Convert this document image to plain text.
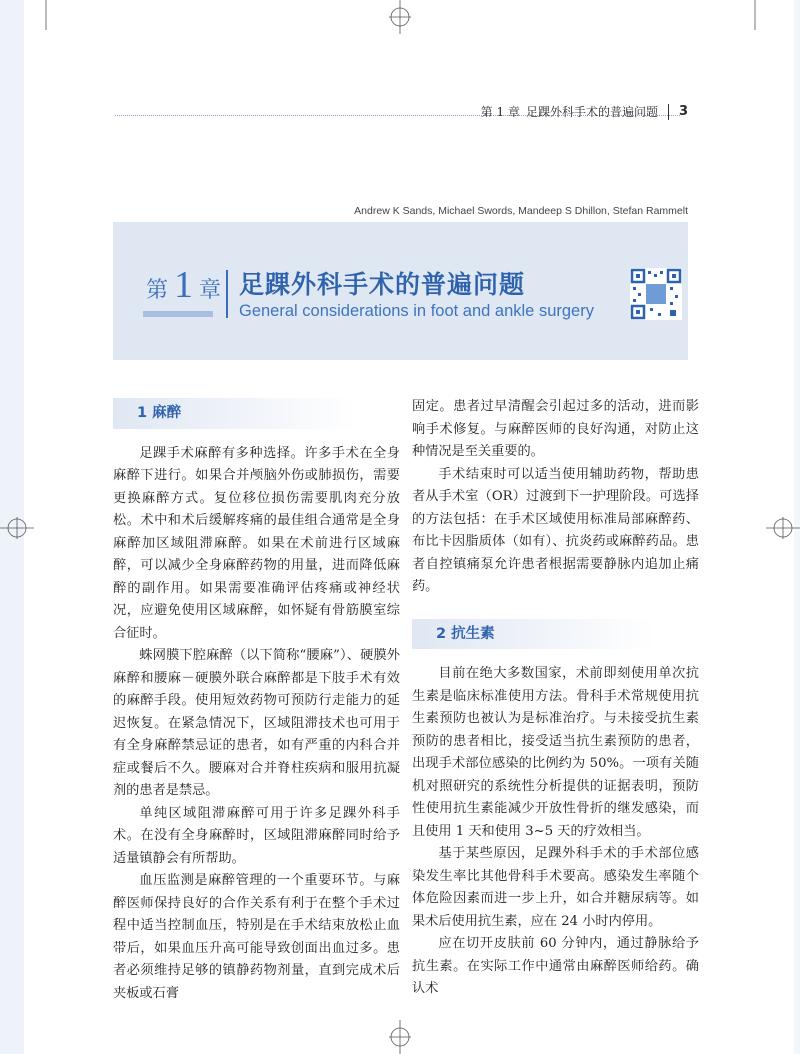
第 1 章 足踝外科手术的普遍问题 3
Andrew K Sands, Michael Swords, Mandeep S Dhillon, Stefan Rammelt
第 1 章 足踝外科手术的普遍问题
General considerations in foot and ankle surgery
1 麻醉

足踝手术麻醉有多种选择。许多手术在全身麻醉下进行。如果合并颅脑外伤或肺损伤，需要更换麻醉方式。复位移位损伤需要肌肉充分放松。术中和术后缓解疼痛的最佳组合通常是全身麻醉加区域阻滞麻醉。如果在术前进行区域麻醉，可以减少全身麻醉药物的用量，进而降低麻醉的副作用。如果需要准确评估疼痛或神经状况，应避免使用区域麻醉，如怀疑有骨筋膜室综合征时。

蛛网膜下腔麻醉（以下简称“腰麻”）、硬膜外麻醉和腰麻－硬膜外联合麻醉都是下肢手术有效的麻醉手段。使用短效药物可预防行走能力的延迟恢复。在紧急情况下，区域阻滞技术也可用于有全身麻醉禁忌证的患者，如有严重的内科合并症或餐后不久。腰麻对合并脊柱疾病和服用抗凝剂的患者是禁忌。

单纯区域阻滞麻醉可用于许多足踝外科手术。在没有全身麻醉时，区域阻滞麻醉同时给予适量镇静会有所帮助。

血压监测是麻醉管理的一个重要环节。与麻醉医师保持良好的合作关系有利于在整个手术过程中适当控制血压，特别是在手术结束放松止血带后，如果血压升高可能导致创面出血过多。患者必须维持足够的镇静药物剂量，直到完成术后夹板或石膏

固定。患者过早清醒会引起过多的活动，进而影响手术修复。与麻醉医师的良好沟通，对防止这种情况是至关重要的。

手术结束时可以适当使用辅助药物，帮助患者从手术室（OR）过渡到下一护理阶段。可选择的方法包括：在手术区域使用标准局部麻醉药、布比卡因脂质体（如有）、抗炎药或麻醉药品。患者自控镇痛泵允许患者根据需要静脉内追加止痛药。

2 抗生素

目前在绝大多数国家，术前即刻使用单次抗生素是临床标准使用方法。骨科手术常规使用抗生素预防也被认为是标准治疗。与未接受抗生素预防的患者相比，接受适当抗生素预防的患者，出现手术部位感染的比例约为 50%。一项有关随机对照研究的系统性分析提供的证据表明，预防性使用抗生素能减少开放性骨折的继发感染，而且使用 1 天和使用 3~5 天的疗效相当。

基于某些原因，足踝外科手术的手术部位感染发生率比其他骨科手术要高。感染发生率随个体危险因素而进一步上升，如合并糖尿病等。如果术后使用抗生素，应在 24 小时内停用。

应在切开皮肤前 60 分钟内，通过静脉给予抗生素。在实际工作中通常由麻醉医师给药。确认术
